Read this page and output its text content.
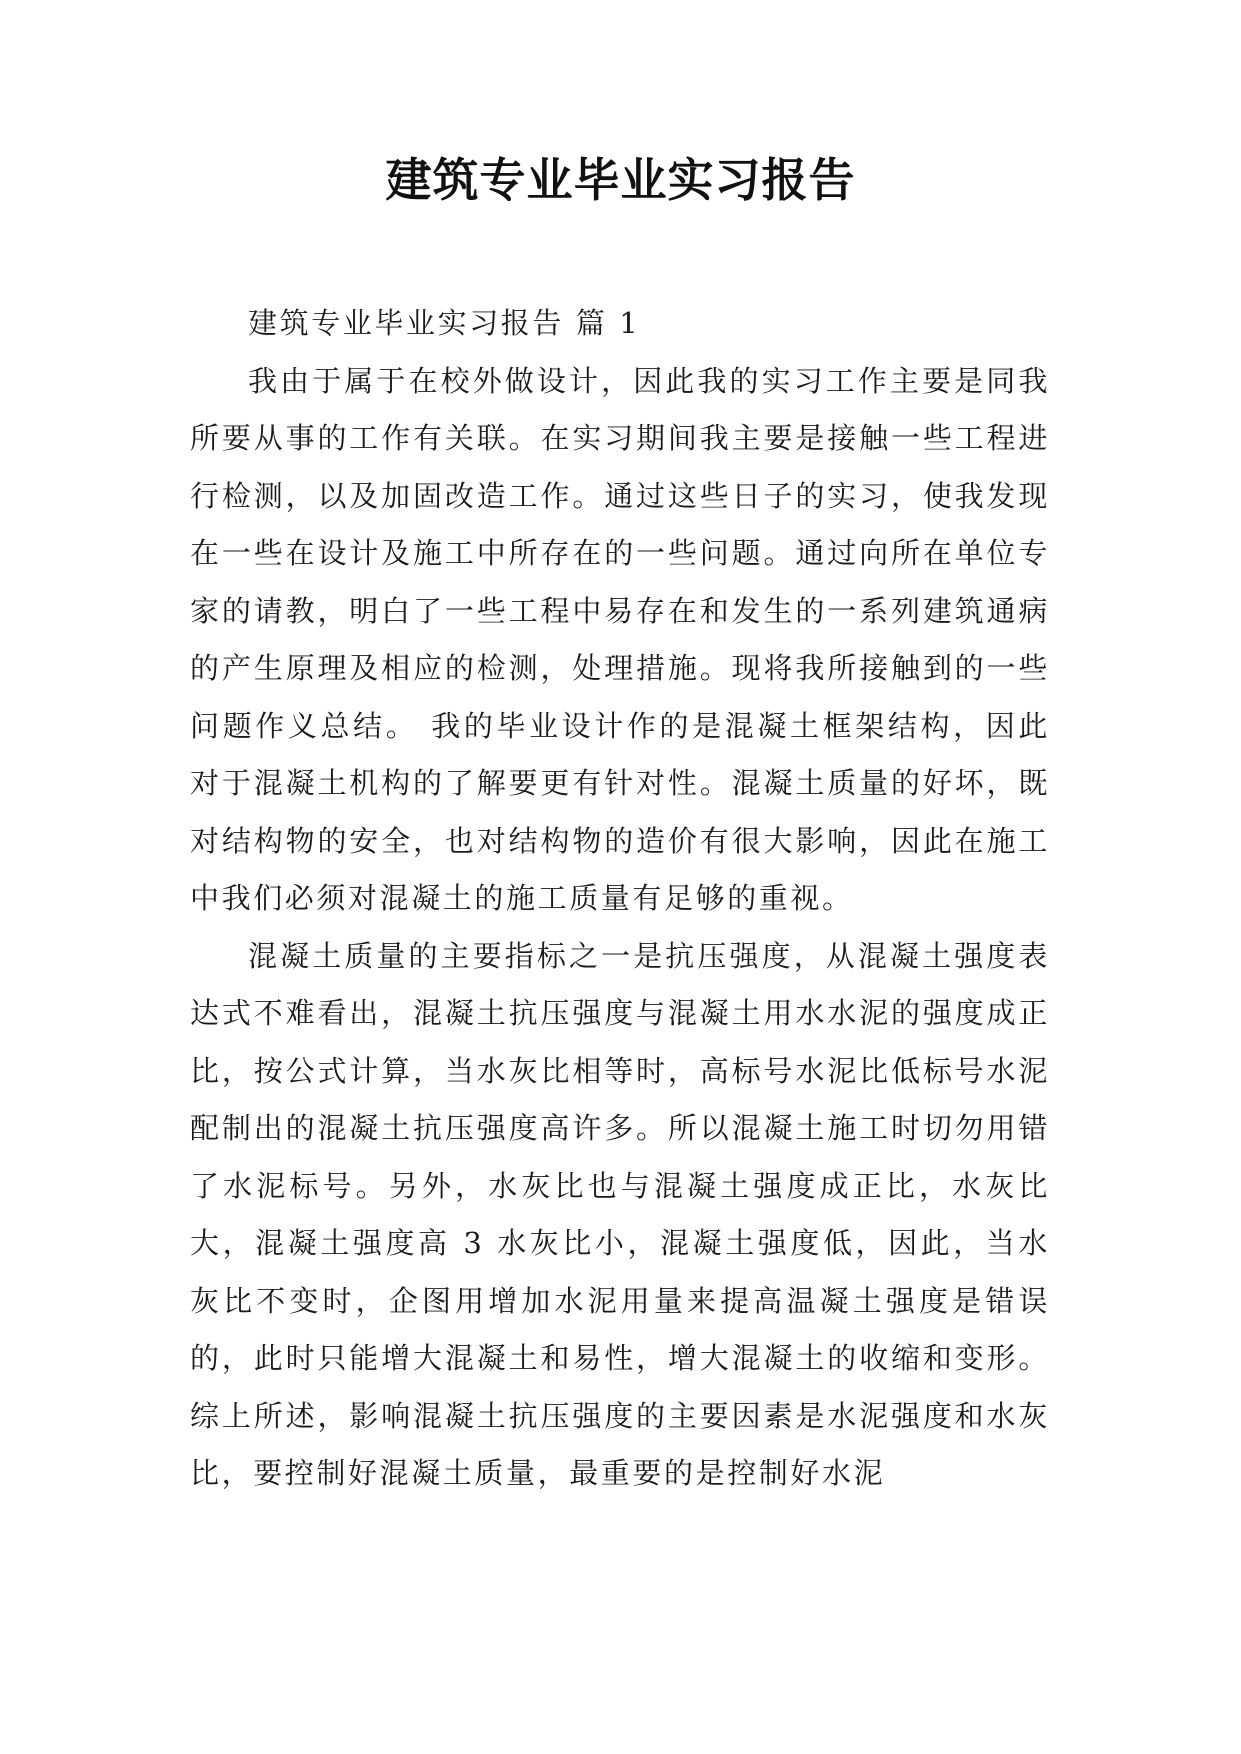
建筑专业毕业实习报告

建筑专业毕业实习报告 篇 1

我由于属于在校外做设计，因此我的实习工作主要是同我所要从事的工作有关联。在实习期间我主要是接触一些工程进行检测，以及加固改造工作。通过这些日子的实习，使我发现在一些在设计及施工中所存在的一些问题。通过向所在单位专家的请教，明白了一些工程中易存在和发生的一系列建筑通病的产生原理及相应的检测，处理措施。现将我所接触到的一些问题作义总结。 我的毕业设计作的是混凝土框架结构，因此对于混凝土机构的了解要更有针对性。混凝土质量的好坏，既对结构物的安全，也对结构物的造价有很大影响，因此在施工中我们必须对混凝土的施工质量有足够的重视。

混凝土质量的主要指标之一是抗压强度，从混凝土强度表达式不难看出，混凝土抗压强度与混凝土用水水泥的强度成正比，按公式计算，当水灰比相等时，高标号水泥比低标号水泥配制出的混凝土抗压强度高许多。所以混凝土施工时切勿用错了水泥标号。另外，水灰比也与混凝土强度成正比，水灰比大，混凝土强度高 3 水灰比小，混凝土强度低，因此，当水灰比不变时，企图用增加水泥用量来提高温凝土强度是错误的，此时只能增大混凝土和易性，增大混凝土的收缩和变形。综上所述，影响混凝土抗压强度的主要因素是水泥强度和水灰比，要控制好混凝土质量，最重要的是控制好水泥
